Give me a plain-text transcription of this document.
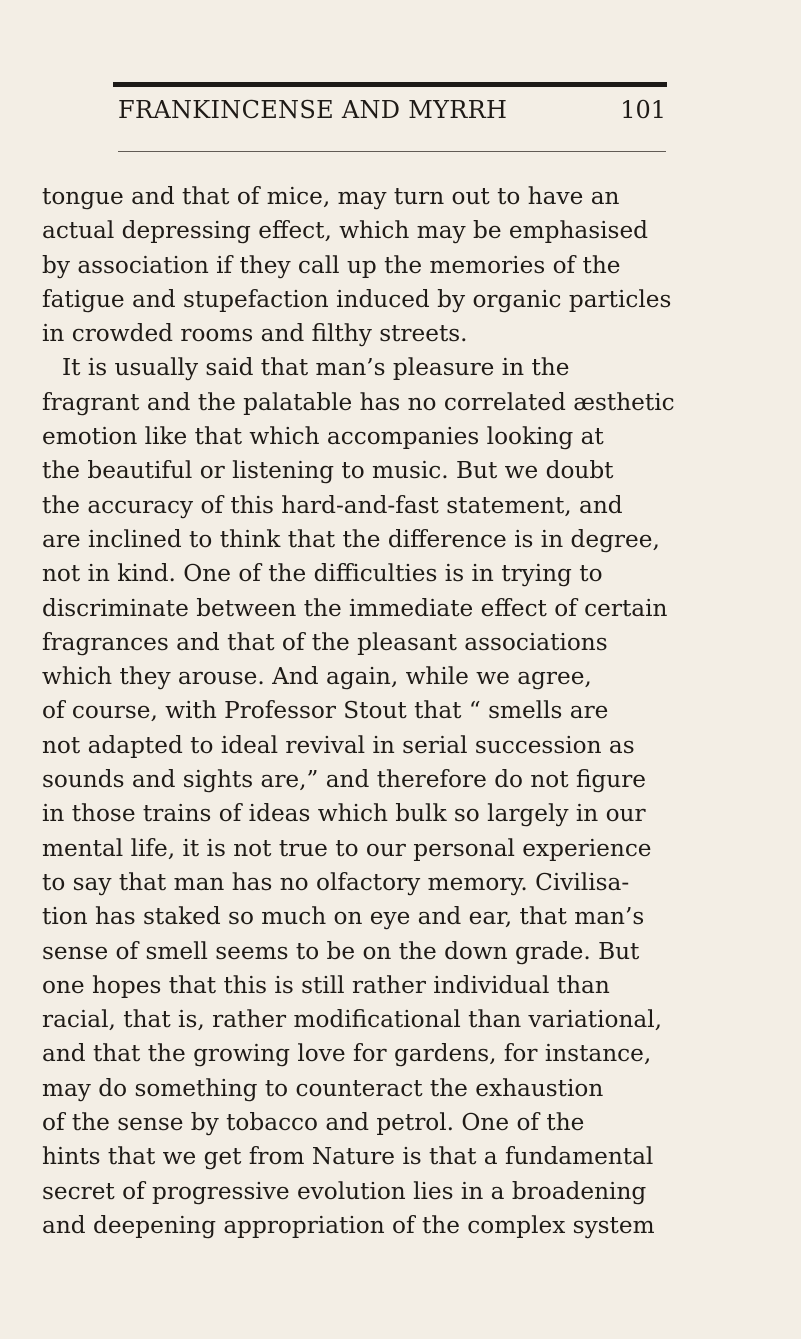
FRANKINCENSE AND MYRRH	101
tongue and that of mice, may turn out to have an
actual depressing effect, which may be emphasised
by association if they call up the memories of the
fatigue and stupefaction induced by organic particles
in crowded rooms and filthy streets.
It is usually said that man’s pleasure in the
fragrant and the palatable has no correlated æsthetic
emotion like that which accompanies looking at
the beautiful or listening to music. But we doubt
the accuracy of this hard-and-fast statement, and
are inclined to think that the difference is in degree,
not in kind. One of the difficulties is in trying to
discriminate between the immediate effect of certain
fragrances and that of the pleasant associations
which they arouse. And again, while we agree,
of course, with Professor Stout that “ smells are
not adapted to ideal revival in serial succession as
sounds and sights are,” and therefore do not figure
in those trains of ideas which bulk so largely in our
mental life, it is not true to our personal experience
to say that man has no olfactory memory. Civilisa-
tion has staked so much on eye and ear, that man’s
sense of smell seems to be on the down grade. But
one hopes that this is still rather individual than
racial, that is, rather modificational than variational,
and that the growing love for gardens, for instance,
may do something to counteract the exhaustion
of the sense by tobacco and petrol. One of the
hints that we get from Nature is that a fundamental
secret of progressive evolution lies in a broadening
and deepening appropriation of the complex system
